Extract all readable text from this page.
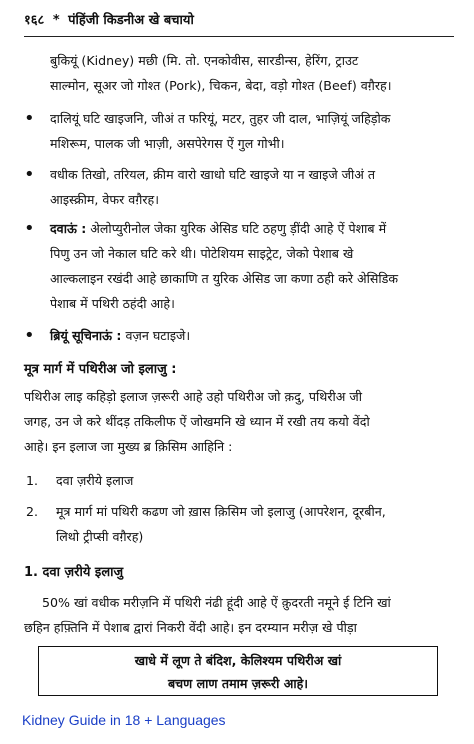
१६८ * पंहिंजी किडनीअ खे बचायो
बुकियूं (Kidney) मछी (मि. तो. एनकोवीस, सारडीन्स, हेरिंग, ट्राउट
साल्मोन, सूअर जो गोश्त (Pork), चिकन, बेदा, वड़ो गोश्त (Beef) वग़ैरह।
• दालियूं घटि खाइजनि, जीअं त फरियूं, मटर, तुहर जी दाल, भाज़ियूं जहिड़ोक
मशिरूम, पालक जी भाज़ी, असपेरेगस ऐं गुल गोभी।
• वधीक तिखो, तरियल, क्रीम वारो खाधो घटि खाइजे या न खाइजे जीअं त
आइस्क्रीम, वेफर वग़ैरह।
• दवाऊं : अेलोप्युरीनोल जेका युरिक अेसिड घटि ठहणु ड़ींदी आहे ऐं पेशाब में
पिणु उन जो नेकाल घटि करे थी। पोटेशियम साइट्रेट, जेको पेशाब खे
आल्कलाइन रखंदी आहे छाकाणि त युरिक अेसिड जा कणा ठही करे अेसिडिक
पेशाब में पथिरी ठहंदी आहे।
• ब्रियूं सूचिनाऊं : वज़न घटाइजे।
मूत्र मार्ग में पथिरीअ जो इलाजु :
पथिरीअ लाइ कहिड़ो इलाज ज़रूरी आहे उहो पथिरीअ जो क़दु, पथिरीअ जी
जगह, उन जे करे थींदड़ तकिलीफ ऐं जोखमनि खे ध्यान में रखी तय कयो वेंदो
आहे। इन इलाज जा मुख्य ब्र क़िसिम आहिनि :
1. दवा ज़रीये इलाज
2. मूत्र मार्ग मां पथिरी कढण जो ख़ास क़िसिम जो इलाजु (आपरेशन, दूरबीन,
लिथो ट्रीप्सी वग़ैरह)
1. दवा ज़रीये इलाजु
50% खां वधीक मरीज़नि में पथिरी नंढी हूंदी आहे ऐं क़ुदरती नमूने ई टिनि खां
छहिन हफ़्तिनि में पेशाब द्वारां निकरी वेंदी आहे। इन दरम्यान मरीज़ खे पीड़ा
खाधे में लूण ते बंदिश, केलिश्यम पथिरीअ खां
बचण लाण तमाम ज़रूरी आहे।
Kidney Guide in 18 + Languages
